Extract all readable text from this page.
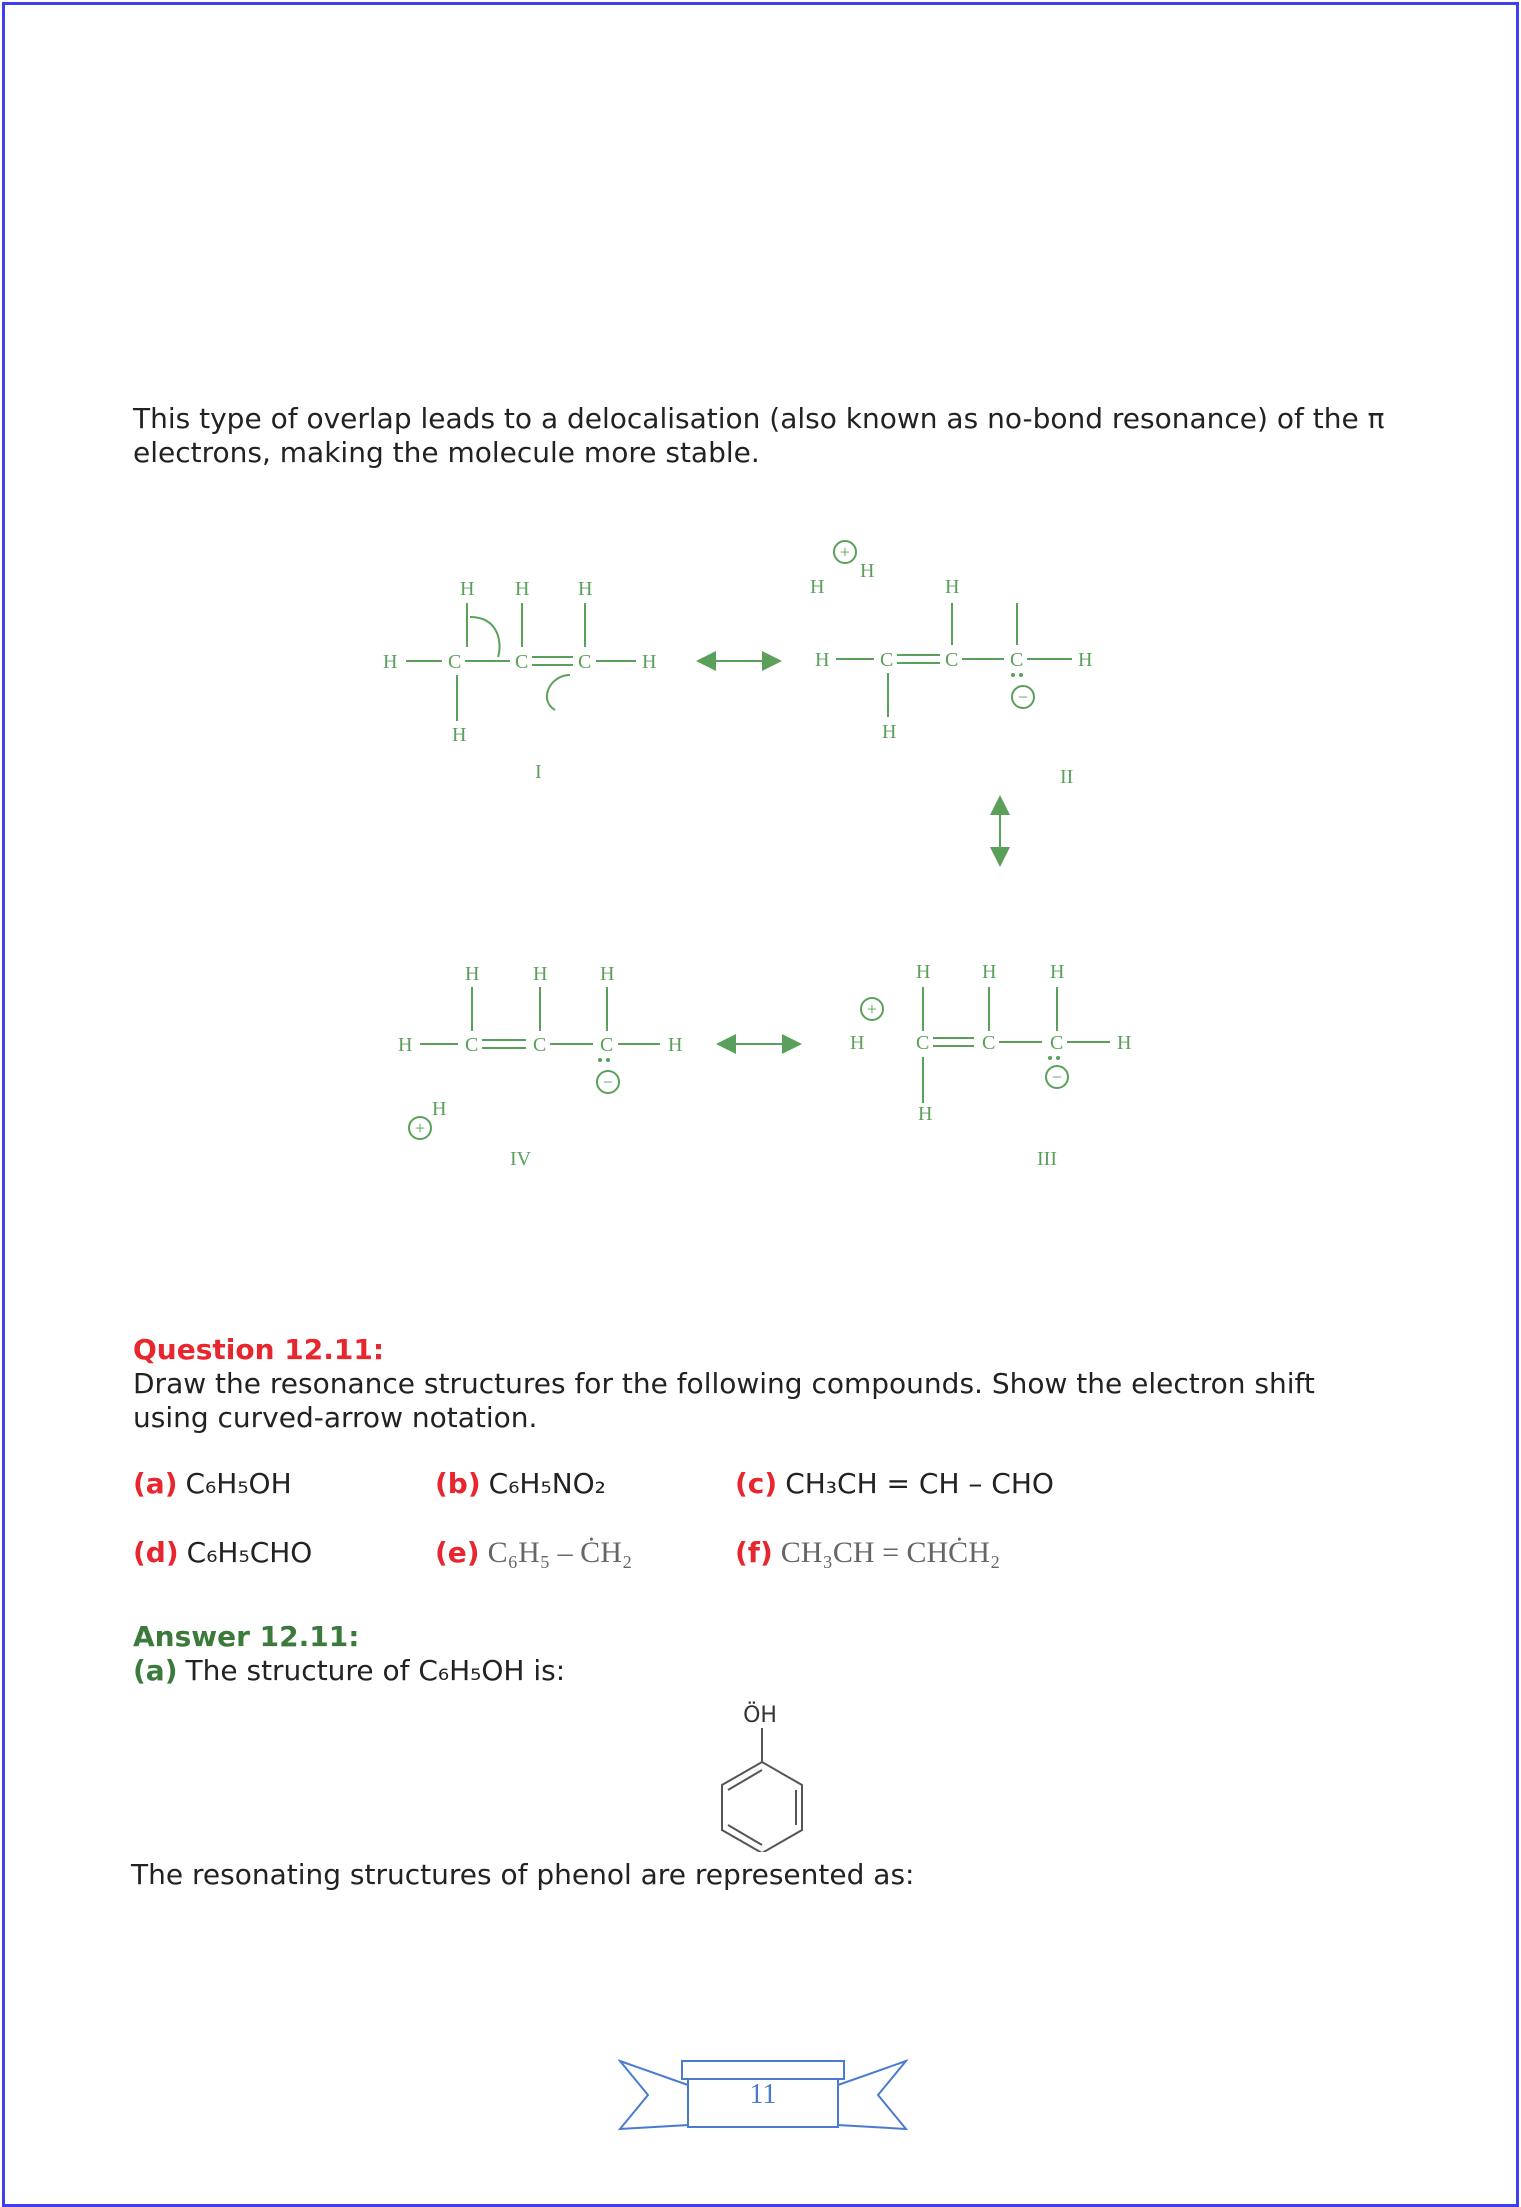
This type of overlap leads to a delocalisation (also known as no-bond resonance) of the π electrons, making the molecule more stable.

H H H
H	C	C C	H
H
I
H
H	H
H	C	C	C	H
H
II
H	H	H
H	C	C	C	H
H
IV
H	H	H
H	C	C	C	H
H
III
+
−
−
+
+
−
Question 12.11:

Draw the resonance structures for the following compounds. Show the electron shift using curved-arrow notation.

(a) C₆H₅OH	(b) C₆H₅NO₂	(c) CH₃CH = CH – CHO
(d) C₆H₅CHO	(e) C₆H₅ – ĊH₂	(f) CH₃CH = CHĊH₂
Answer 12.11:
(a) The structure of C₆H₅OH is:
ÖH

The resonating structures of phenol are represented as:

11
